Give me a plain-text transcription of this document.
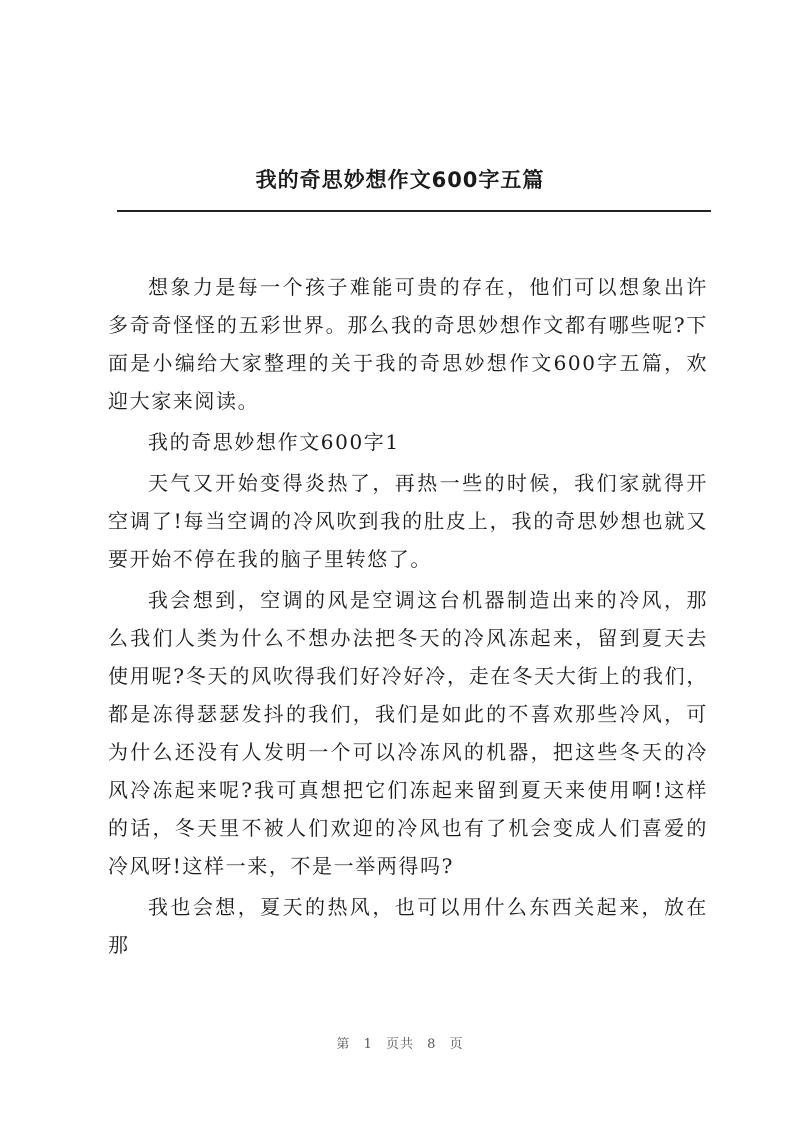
我的奇思妙想作文600字五篇

想象力是每一个孩子难能可贵的存在，他们可以想象出许多奇奇怪怪的五彩世界。那么我的奇思妙想作文都有哪些呢?下面是小编给大家整理的关于我的奇思妙想作文600字五篇，欢迎大家来阅读。

我的奇思妙想作文600字1

天气又开始变得炎热了，再热一些的时候，我们家就得开空调了!每当空调的冷风吹到我的肚皮上，我的奇思妙想也就又要开始不停在我的脑子里转悠了。

我会想到，空调的风是空调这台机器制造出来的冷风，那么我们人类为什么不想办法把冬天的冷风冻起来，留到夏天去使用呢?冬天的风吹得我们好冷好冷，走在冬天大街上的我们，都是冻得瑟瑟发抖的我们，我们是如此的不喜欢那些冷风，可为什么还没有人发明一个可以冷冻风的机器，把这些冬天的冷风冷冻起来呢?我可真想把它们冻起来留到夏天来使用啊!这样的话，冬天里不被人们欢迎的冷风也有了机会变成人们喜爱的冷风呀!这样一来，不是一举两得吗?

我也会想，夏天的热风，也可以用什么东西关起来，放在那

第 1 页共 8 页
